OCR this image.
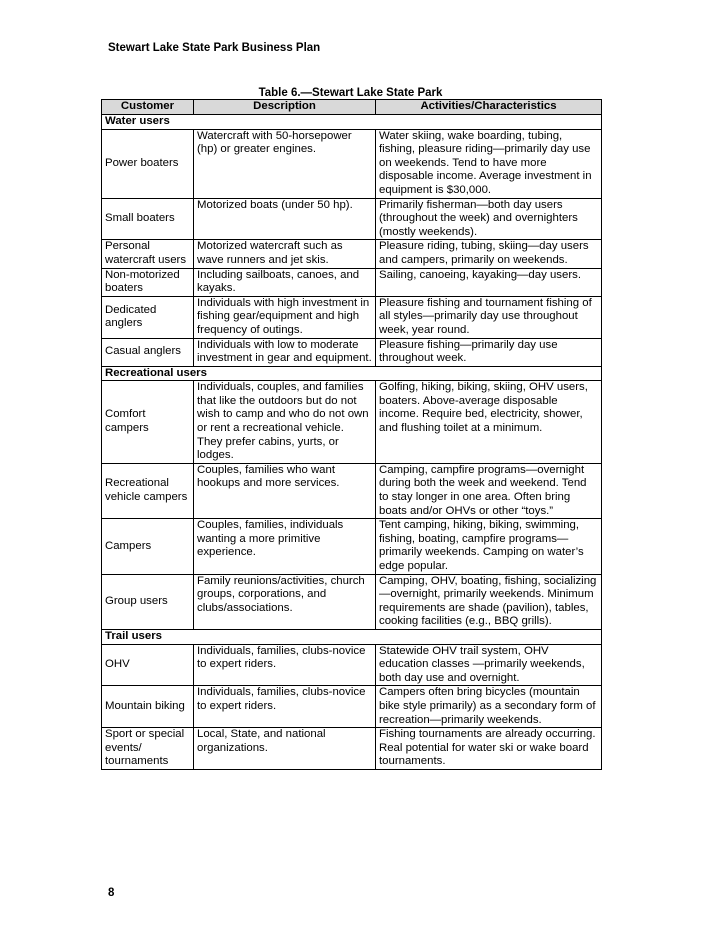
Stewart Lake State Park Business Plan
Table 6.—Stewart Lake State Park
Customer	Description	Activities/Characteristics
Water users		
Power boaters	Watercraft with 50-horsepower (hp) or greater engines.	Water skiing, wake boarding, tubing, fishing, pleasure riding—primarily day use on weekends. Tend to have more disposable income. Average investment in equipment is $30,000.
Small boaters	Motorized boats (under 50 hp).	Primarily fisherman—both day users (throughout the week) and overnighters (mostly weekends).
Personal watercraft users	Motorized watercraft such as wave runners and jet skis.	Pleasure riding, tubing, skiing—day users and campers, primarily on weekends.
Non-motorized boaters	Including sailboats, canoes, and kayaks.	Sailing, canoeing, kayaking—day users.
Dedicated anglers	Individuals with high investment in fishing gear/equipment and high frequency of outings.	Pleasure fishing and tournament fishing of all styles—primarily day use throughout week, year round.
Casual anglers	Individuals with low to moderate investment in gear and equipment.	Pleasure fishing—primarily day use throughout week.
Recreational users		
Comfort campers	Individuals, couples, and families that like the outdoors but do not wish to camp and who do not own or rent a recreational vehicle. They prefer cabins, yurts, or lodges.	Golfing, hiking, biking, skiing, OHV users, boaters. Above-average disposable income. Require bed, electricity, shower, and flushing toilet at a minimum.
Recreational vehicle campers	Couples, families who want hookups and more services.	Camping, campfire programs—overnight during both the week and weekend. Tend to stay longer in one area. Often bring boats and/or OHVs or other “toys.”
Campers	Couples, families, individuals wanting a more primitive experience.	Tent camping, hiking, biking, swimming, fishing, boating, campfire programs—primarily weekends. Camping on water’s edge popular.
Group users	Family reunions/activities, church groups, corporations, and clubs/associations.	Camping, OHV, boating, fishing, socializing—overnight, primarily weekends. Minimum requirements are shade (pavilion), tables, cooking facilities (e.g., BBQ grills).
Trail users		
OHV	Individuals, families, clubs-novice to expert riders.	Statewide OHV trail system, OHV education classes —primarily weekends, both day use and overnight.
Mountain biking	Individuals, families, clubs-novice to expert riders.	Campers often bring bicycles (mountain bike style primarily) as a secondary form of recreation—primarily weekends.
Sport or special events/ tournaments	Local, State, and national organizations.	Fishing tournaments are already occurring. Real potential for water ski or wake board tournaments.
8
